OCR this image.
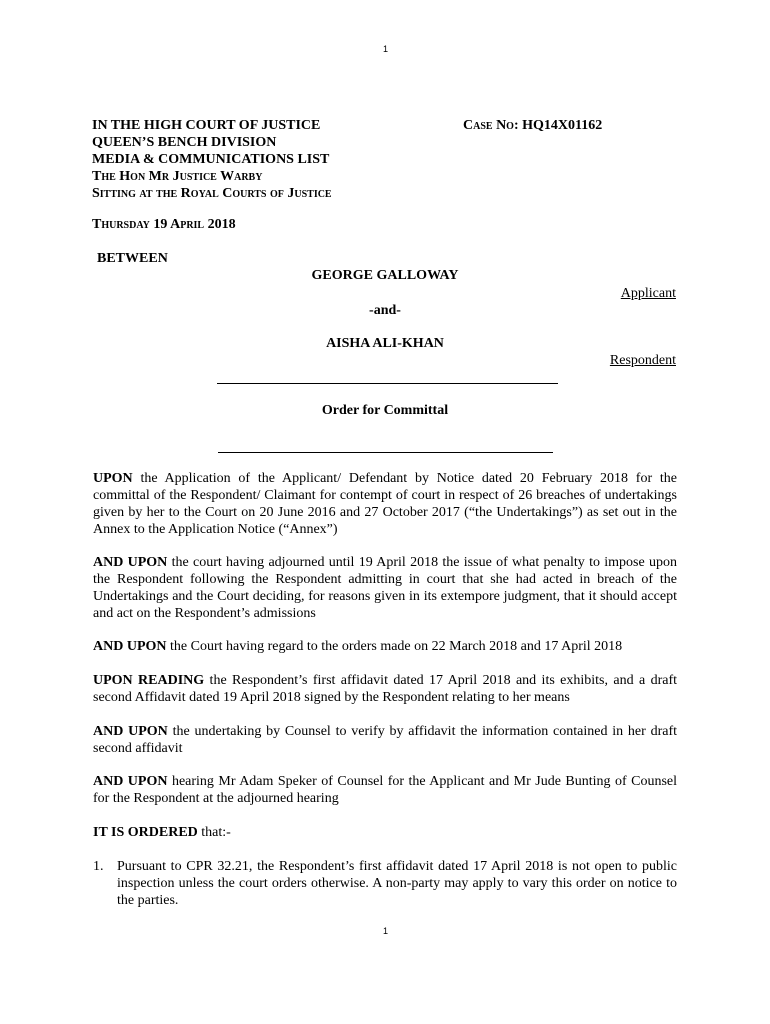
1
IN THE HIGH COURT OF JUSTICE
QUEEN’S BENCH DIVISION
MEDIA & COMMUNICATIONS LIST
The Hon Mr Justice Warby
Sitting at the Royal Courts of Justice
Case No: HQ14X01162
Thursday 19 April 2018
BETWEEN
GEORGE GALLOWAY
Applicant
-and-
AISHA ALI-KHAN
Respondent
Order for Committal
UPON the Application of the Applicant/ Defendant by Notice dated 20 February 2018 for the committal of the Respondent/ Claimant for contempt of court in respect of 26 breaches of undertakings given by her to the Court on 20 June 2016 and 27 October 2017 (“the Undertakings”) as set out in the Annex to the Application Notice (“Annex”)
AND UPON the court having adjourned until 19 April 2018 the issue of what penalty to impose upon the Respondent following the Respondent admitting in court that she had acted in breach of the Undertakings and the Court deciding, for reasons given in its extempore judgment, that it should accept and act on the Respondent’s admissions
AND UPON the Court having regard to the orders made on 22 March 2018 and 17 April 2018
UPON READING the Respondent’s first affidavit dated 17 April 2018 and its exhibits, and a draft second Affidavit dated 19 April 2018 signed by the Respondent relating to her means
AND UPON the undertaking by Counsel to verify by affidavit the information contained in her draft second affidavit
AND UPON hearing Mr Adam Speker of Counsel for the Applicant and Mr Jude Bunting of Counsel for the Respondent at the adjourned hearing
IT IS ORDERED that:-
1. Pursuant to CPR 32.21, the Respondent’s first affidavit dated 17 April 2018 is not open to public inspection unless the court orders otherwise. A non-party may apply to vary this order on notice to the parties.
1
